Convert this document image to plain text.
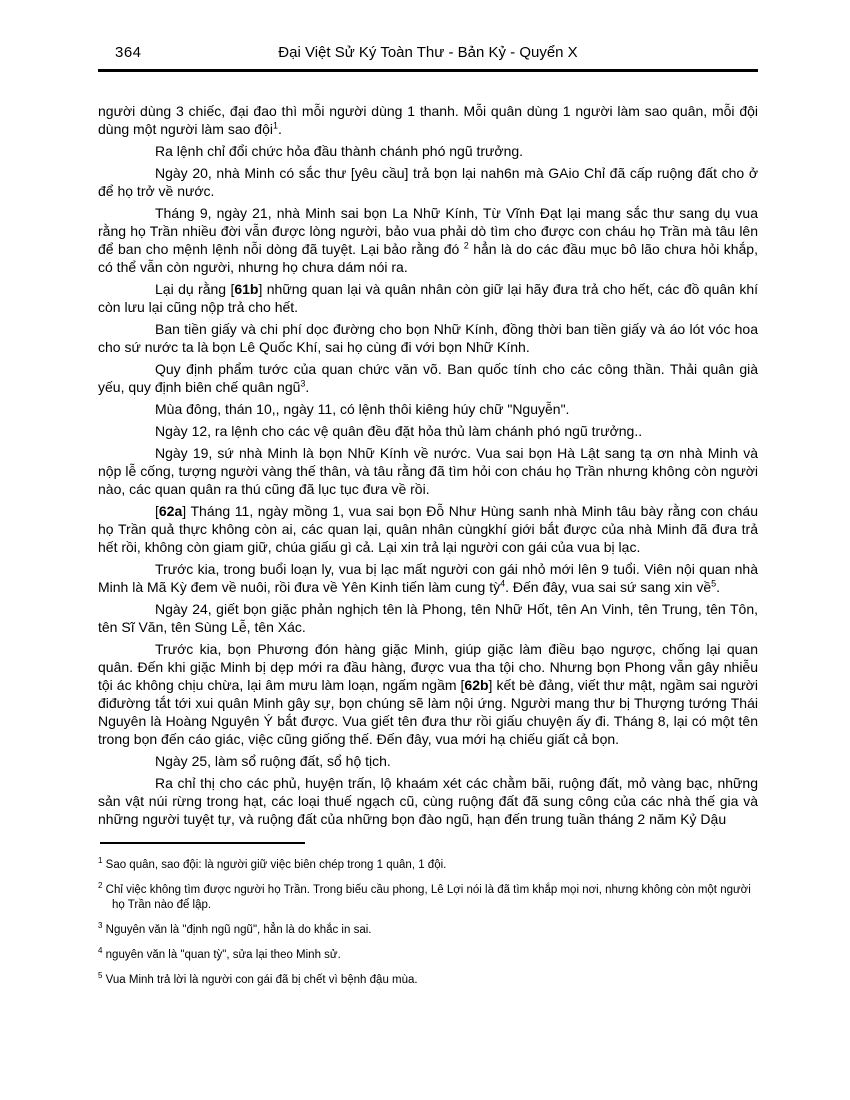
364	Đại Việt Sử Ký Toàn Thư - Bản Kỷ - Quyển X

người dùng 3 chiếc, đại đao thì mỗi người dùng 1 thanh. Mỗi quân dùng 1 người làm sao quân, mỗi đội dùng một người làm sao đội$^1$.

Ra lệnh chỉ đổi chức hỏa đầu thành chánh phó ngũ trưởng.

Ngày 20, nhà Minh có sắc thư [yêu cầu] trả bọn lại nah6n mà GAio Chỉ đã cấp ruộng đất cho ở để họ trở về nước.

Tháng 9, ngày 21, nhà Minh sai bọn La Nhữ Kính, Từ Vĩnh Đạt lại mang sắc thư sang dụ vua rằng họ Trần nhiều đời vẫn được lòng người, bảo vua phải dò tìm cho được con cháu họ Trần mà tâu lên để ban cho mệnh lệnh nỗi dòng đã tuyệt. Lại bảo rằng đó $^2$ hẳn là do các đầu mục bô lão chưa hỏi khắp, có thể vẫn còn người, nhưng họ chưa dám nói ra.

Lại dụ rằng [61b] những quan lại và quân nhân còn giữ lại hãy đưa trả cho hết, các đồ quân khí còn lưu lại cũng nộp trả cho hết.

Ban tiền giấy và chi phí dọc đường cho bọn Nhữ Kính, đồng thời ban tiền giấy và áo lót vóc hoa cho sứ nước ta là bọn Lê Quốc Khí, sai họ cùng đi với bọn Nhữ Kính.

Quy định phẩm tước của quan chức văn võ. Ban quốc tính cho các công thần. Thải quân già yếu, quy định biên chế quân ngũ$^3$.

Mùa đông, thán 10,, ngày 11, có lệnh thôi kiêng húy chữ "Nguyễn".

Ngày 12, ra lệnh cho các vệ quân đều đặt hỏa thủ làm chánh phó ngũ trưởng..

Ngày 19, sứ nhà Minh là bọn Nhữ Kính về nước. Vua sai bọn Hà Lật sang tạ ơn nhà Minh và nộp lễ cống, tượng người vàng thế thân, và tâu rằng đã tìm hỏi con cháu họ Trần nhưng không còn người nào, các quan quân ra thú cũng đã lục tục đưa về rồi.

[62a] Tháng 11, ngày mồng 1, vua sai bọn Đỗ Như Hùng sanh nhà Minh tâu bày rằng con cháu họ Trần quả thực không còn ai, các quan lại, quân nhân cùngkhí giới bắt được của nhà Minh đã đưa trả hết rồi, không còn giam giữ, chúa giấu gì cả. Lại xin trả lại người con gái của vua bị lạc.

Trước kia, trong buổi loạn ly, vua bị lạc mất người con gái nhỏ mới lên 9 tuổi. Viên nội quan nhà Minh là Mã Kỳ đem về nuôi, rồi đưa về Yên Kinh tiến làm cung tỳ$^4$. Đến đây, vua sai sứ sang xin về$^5$.

Ngày 24, giết bọn giặc phản nghịch tên là Phong, tên Nhữ Hốt, tên An Vinh, tên Trung, tên Tôn, tên Sĩ Văn, tên Sùng Lễ, tên Xác.

Trước kia, bọn Phương đón hàng giặc Minh, giúp giặc làm điều bạo ngược, chống lại quan quân. Đến khi giặc Minh bị dẹp mới ra đầu hàng, được vua tha tội cho. Nhưng bọn Phong vẫn gây nhiễu tội ác không chịu chừa, lại âm mưu làm loạn, ngấm ngầm [62b] kết bè đảng, viết thư mật, ngầm sai người điđường tắt tới xui quân Minh gây sự, bọn chúng sẽ làm nội ứng. Người mang thư bị Thượng tướng Thái Nguyên là Hoàng Nguyên Ý bắt được. Vua giết tên đưa thư rồi giấu chuyện ấy đi. Tháng 8, lại có một tên trong bọn đến cáo giác, việc cũng giống thế. Đến đây, vua mới hạ chiếu giất cả bọn.

Ngày 25, làm sổ ruộng đất, sổ hộ tịch.

Ra chỉ thị cho các phủ, huyện trấn, lộ khaám xét các chằm bãi, ruộng đất, mỏ vàng bạc, những sản vật núi rừng trong hạt, các loại thuế ngạch cũ, cùng ruộng đất đã sung công của các nhà thế gia và những người tuyệt tự, và ruộng đất của những bọn đào ngũ, hạn đến trung tuần tháng 2 năm Kỷ Dậu

$^1$ Sao quân, sao đội: là người giữ việc biên chép trong 1 quân, 1 đội.

$^2$ Chỉ việc không tìm được người họ Trần. Trong biếu cầu phong, Lê Lợi nói là đã tìm khắp mọi nơi, nhưng không còn một người họ Trần nào để lập.

$^3$ Nguyên văn là "định ngũ ngũ", hẳn là do khắc in sai.

$^4$ nguyên văn là "quan tỳ", sửa lại theo Minh sử.

$^5$ Vua Minh trả lời là người con gái đã bị chết vì bệnh đậu mùa.
